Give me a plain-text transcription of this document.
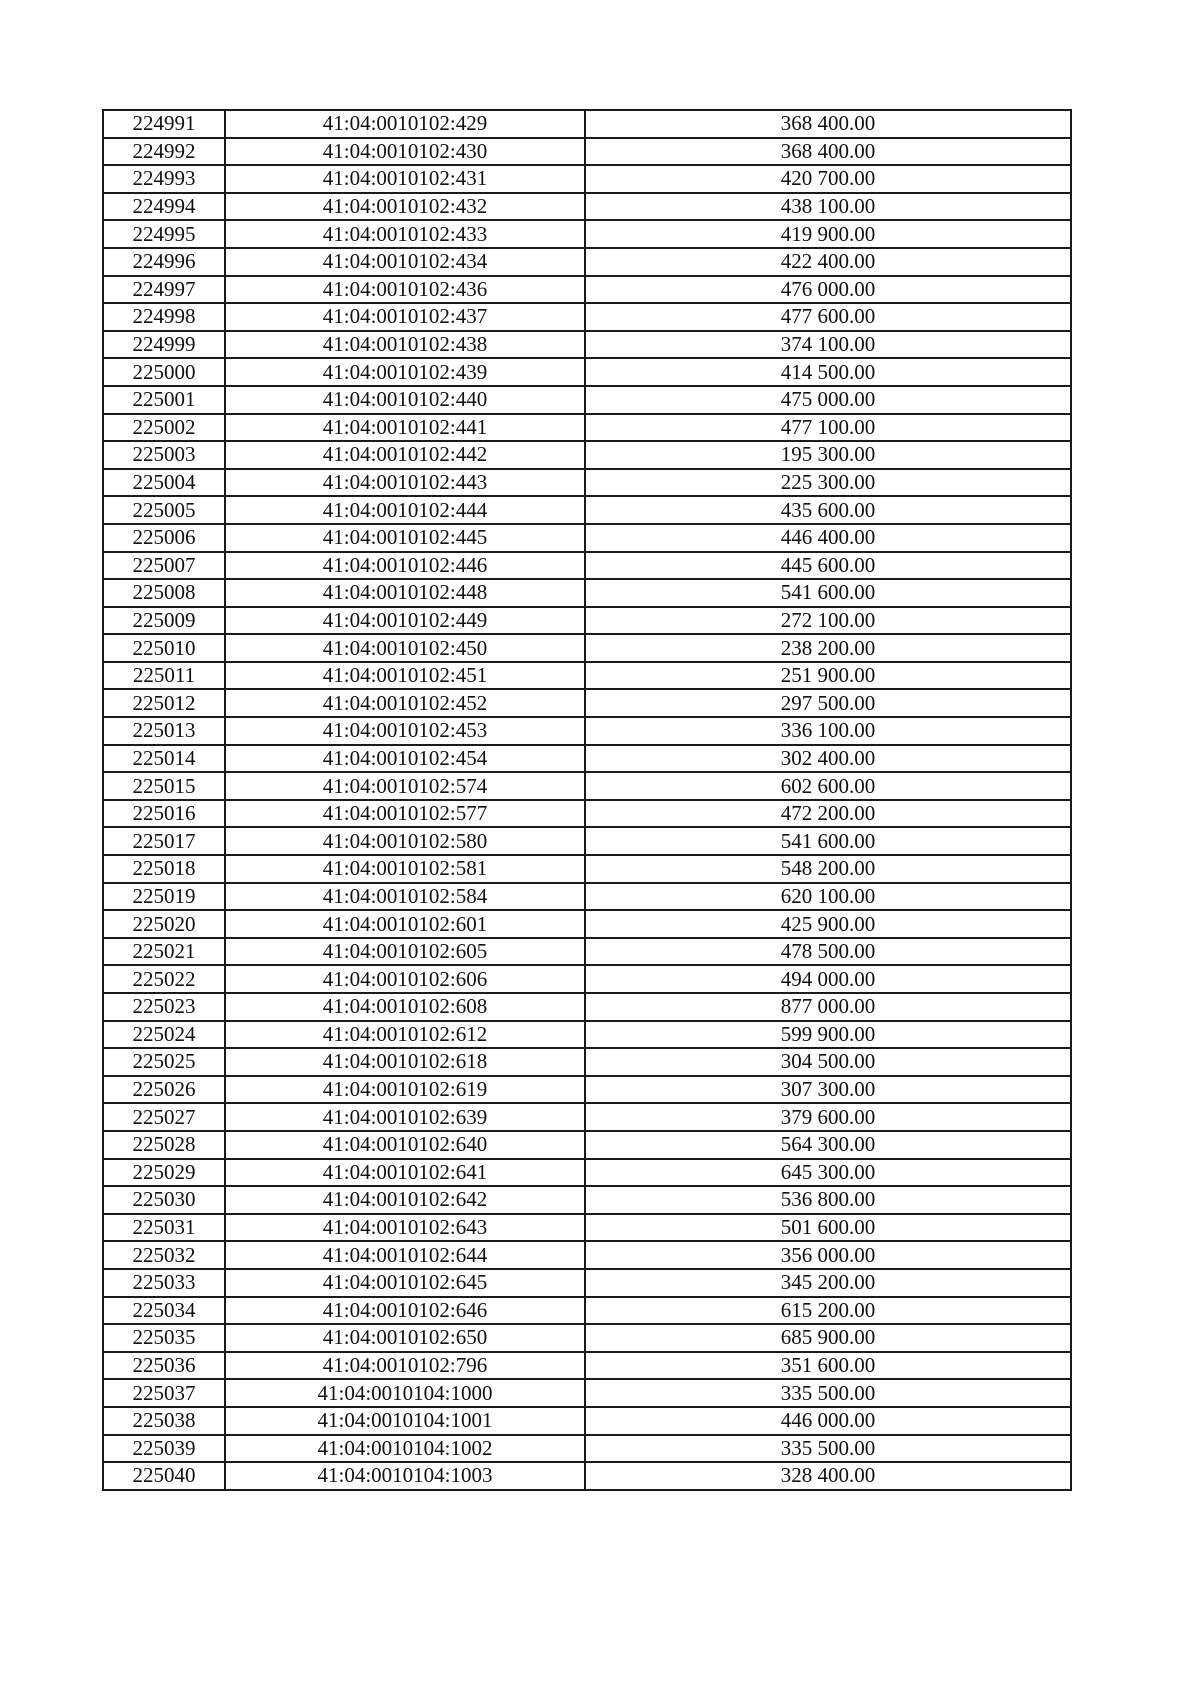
224991	41:04:0010102:429	368 400.00
224992	41:04:0010102:430	368 400.00
224993	41:04:0010102:431	420 700.00
224994	41:04:0010102:432	438 100.00
224995	41:04:0010102:433	419 900.00
224996	41:04:0010102:434	422 400.00
224997	41:04:0010102:436	476 000.00
224998	41:04:0010102:437	477 600.00
224999	41:04:0010102:438	374 100.00
225000	41:04:0010102:439	414 500.00
225001	41:04:0010102:440	475 000.00
225002	41:04:0010102:441	477 100.00
225003	41:04:0010102:442	195 300.00
225004	41:04:0010102:443	225 300.00
225005	41:04:0010102:444	435 600.00
225006	41:04:0010102:445	446 400.00
225007	41:04:0010102:446	445 600.00
225008	41:04:0010102:448	541 600.00
225009	41:04:0010102:449	272 100.00
225010	41:04:0010102:450	238 200.00
225011	41:04:0010102:451	251 900.00
225012	41:04:0010102:452	297 500.00
225013	41:04:0010102:453	336 100.00
225014	41:04:0010102:454	302 400.00
225015	41:04:0010102:574	602 600.00
225016	41:04:0010102:577	472 200.00
225017	41:04:0010102:580	541 600.00
225018	41:04:0010102:581	548 200.00
225019	41:04:0010102:584	620 100.00
225020	41:04:0010102:601	425 900.00
225021	41:04:0010102:605	478 500.00
225022	41:04:0010102:606	494 000.00
225023	41:04:0010102:608	877 000.00
225024	41:04:0010102:612	599 900.00
225025	41:04:0010102:618	304 500.00
225026	41:04:0010102:619	307 300.00
225027	41:04:0010102:639	379 600.00
225028	41:04:0010102:640	564 300.00
225029	41:04:0010102:641	645 300.00
225030	41:04:0010102:642	536 800.00
225031	41:04:0010102:643	501 600.00
225032	41:04:0010102:644	356 000.00
225033	41:04:0010102:645	345 200.00
225034	41:04:0010102:646	615 200.00
225035	41:04:0010102:650	685 900.00
225036	41:04:0010102:796	351 600.00
225037	41:04:0010104:1000	335 500.00
225038	41:04:0010104:1001	446 000.00
225039	41:04:0010104:1002	335 500.00
225040	41:04:0010104:1003	328 400.00
